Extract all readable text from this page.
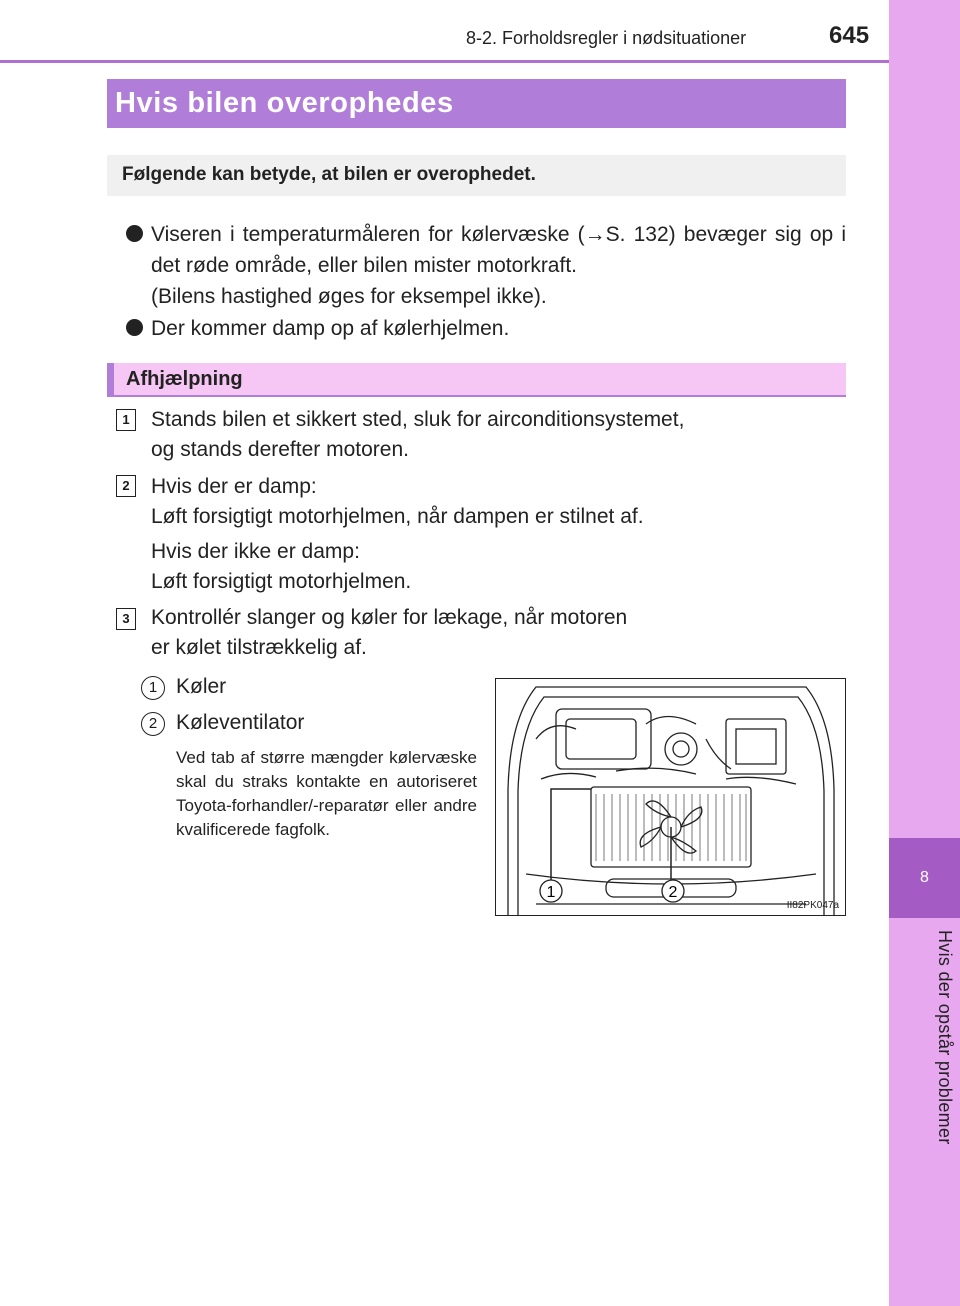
8
Hvis der opstår problemer
8-2. Forholdsregler i nødsituationer	645
Hvis bilen overophedes
Følgende kan betyde, at bilen er overophedet.
Viseren i temperaturmåleren for kølervæske (→S. 132) bevæger sig op i det røde område, eller bilen mister motorkraft.
(Bilens hastighed øges for eksempel ikke).
Der kommer damp op af kølerhjelmen.
Afhjælpning
1	Stands bilen et sikkert sted, sluk for airconditionsystemet,
og stands derefter motoren.
2	Hvis der er damp:
Løft forsigtigt motorhjelmen, når dampen er stilnet af.
Hvis der ikke er damp:
Løft forsigtigt motorhjelmen.
3	Kontrollér slanger og køler for lækage, når motoren
er kølet tilstrækkelig af.
1 Køler
2 Køleventilator
Ved tab af større mængder kølervæske skal du straks kontakte en autoriseret Toyota-forhandler/-reparatør eller andre kvalificerede fagfolk.
1	2
II82PK047a
